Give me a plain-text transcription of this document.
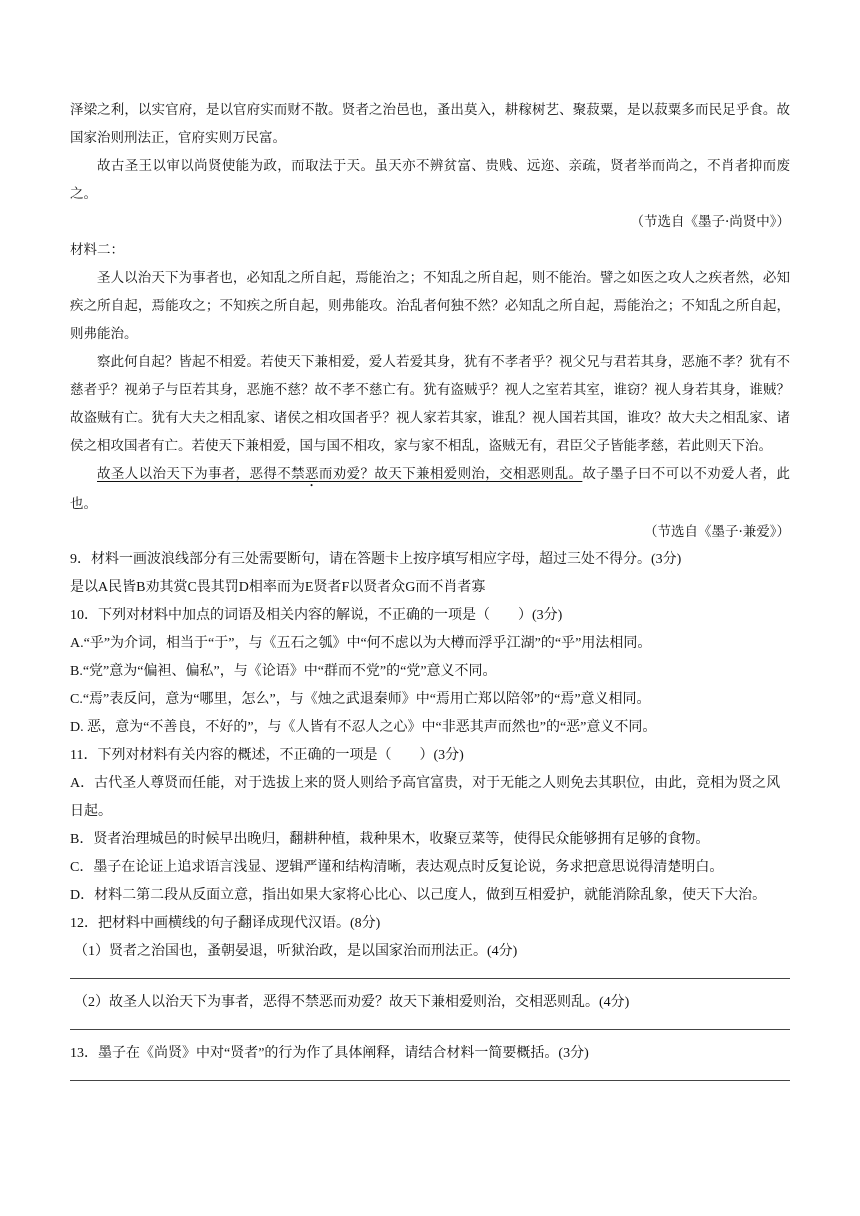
泽梁之利，以实官府，是以官府实而财不散。贤者之治邑也，蚤出莫入，耕稼树艺、聚菽粟，是以菽粟多而民足乎食。故国家治则刑法正，官府实则万民富。

故古圣王以审以尚贤使能为政，而取法于天。虽天亦不辨贫富、贵贱、远迩、亲疏，贤者举而尚之，不肖者抑而废之。

（节选自《墨子·尚贤中》）

材料二：

圣人以治天下为事者也，必知乱之所自起，焉能治之；不知乱之所自起，则不能治。譬之如医之攻人之疾者然，必知疾之所自起，焉能攻之；不知疾之所自起，则弗能攻。治乱者何独不然？必知乱之所自起，焉能治之；不知乱之所自起，则弗能治。

察此何自起？皆起不相爱。若使天下兼相爱，爱人若爱其身，犹有不孝者乎？视父兄与君若其身，恶施不孝？犹有不慈者乎？视弟子与臣若其身，恶施不慈？故不孝不慈亡有。犹有盗贼乎？视人之室若其室，谁窃？视人身若其身，谁贼？故盗贼有亡。犹有大夫之相乱家、诸侯之相攻国者乎？视人家若其家，谁乱？视人国若其国，谁攻？故大夫之相乱家、诸侯之相攻国者有亡。若使天下兼相爱，国与国不相攻，家与家不相乱，盗贼无有，君臣父子皆能孝慈，若此则天下治。

故圣人以治天下为事者，恶得不禁恶而劝爱？故天下兼相爱则治，交相恶则乱。故子墨子曰不可以不劝爱人者，此也。

（节选自《墨子·兼爱》）

9．材料一画波浪线部分有三处需要断句，请在答题卡上按序填写相应字母，超过三处不得分。(3分)

是以A民皆B劝其赏C畏其罚D相率而为E贤者F以贤者众G而不肖者寡

10．下列对材料中加点的词语及相关内容的解说，不正确的一项是（　　）(3分)

A.“乎”为介词，相当于“于”，与《五石之瓠》中“何不虑以为大樽而浮乎江湖”的“乎”用法相同。

B.“党”意为“偏袒、偏私”，与《论语》中“群而不党”的“党”意义不同。

C.“焉”表反问，意为“哪里，怎么”，与《烛之武退秦师》中“焉用亡郑以陪邻”的“焉”意义相同。

D. 恶，意为“不善良，不好的”，与《人皆有不忍人之心》中“非恶其声而然也”的“恶”意义不同。

11．下列对材料有关内容的概述，不正确的一项是（　　）(3分)

A．古代圣人尊贤而任能，对于选拔上来的贤人则给予高官富贵，对于无能之人则免去其职位，由此，竞相为贤之风日起。

B．贤者治理城邑的时候早出晚归，翻耕种植，栽种果木，收聚豆菜等，使得民众能够拥有足够的食物。

C．墨子在论证上追求语言浅显、逻辑严谨和结构清晰，表达观点时反复论说，务求把意思说得清楚明白。

D．材料二第二段从反面立意，指出如果大家将心比心、以己度人，做到互相爱护，就能消除乱象，使天下大治。

12．把材料中画横线的句子翻译成现代汉语。(8分)

（1）贤者之治国也，蚤朝晏退，听狱治政，是以国家治而刑法正。(4分)

（2）故圣人以治天下为事者，恶得不禁恶而劝爱？故天下兼相爱则治，交相恶则乱。(4分)

13．墨子在《尚贤》中对“贤者”的行为作了具体阐释，请结合材料一简要概括。(3分)
